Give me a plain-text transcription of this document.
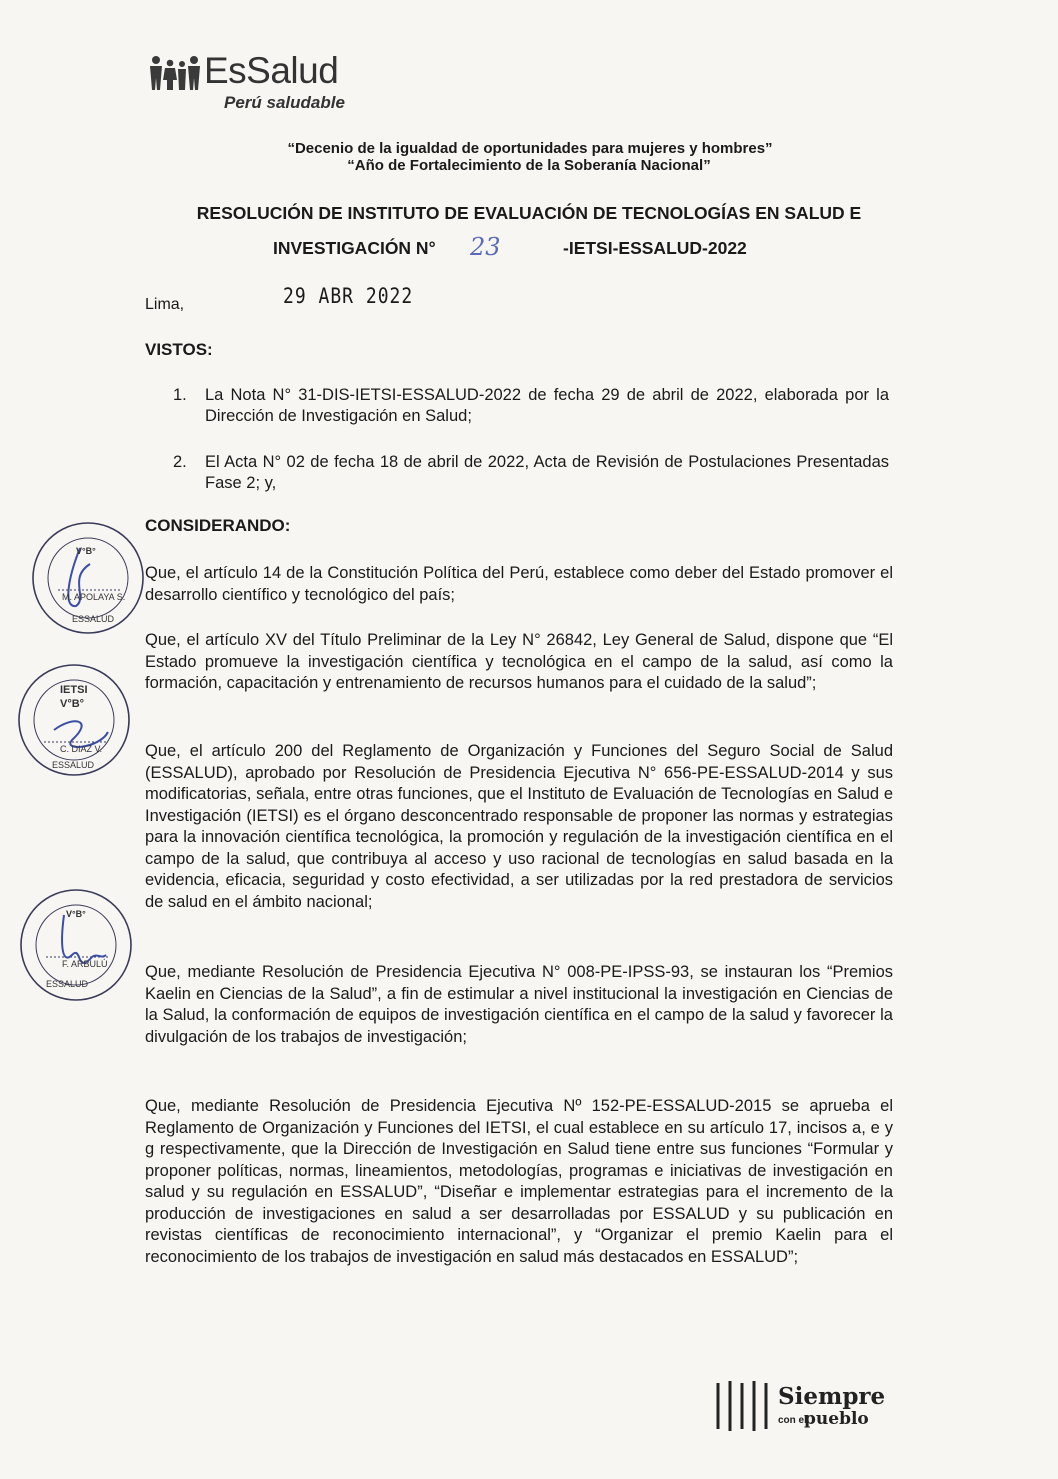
EsSalud
Perú saludable
“Decenio de la igualdad de oportunidades para mujeres y hombres”
“Año de Fortalecimiento de la Soberanía Nacional”
RESOLUCIÓN DE INSTITUTO DE EVALUACIÓN DE TECNOLOGÍAS EN SALUD E
INVESTIGACIÓN N° 23	-IETSI-ESSALUD-2022
Lima,	29 ABR 2022
VISTOS:
1. La Nota N° 31-DIS-IETSI-ESSALUD-2022 de fecha 29 de abril de 2022, elaborada por la Dirección de Investigación en Salud;
2. El Acta N° 02 de fecha 18 de abril de 2022, Acta de Revisión de Postulaciones Presentadas Fase 2; y,
CONSIDERANDO:
Que, el artículo 14 de la Constitución Política del Perú, establece como deber del Estado promover el desarrollo científico y tecnológico del país;
Que, el artículo XV del Título Preliminar de la Ley N° 26842, Ley General de Salud, dispone que “El Estado promueve la investigación científica y tecnológica en el campo de la salud, así como la formación, capacitación y entrenamiento de recursos humanos para el cuidado de la salud”;
Que, el artículo 200 del Reglamento de Organización y Funciones del Seguro Social de Salud (ESSALUD), aprobado por Resolución de Presidencia Ejecutiva N° 656-PE-ESSALUD-2014 y sus modificatorias, señala, entre otras funciones, que el Instituto de Evaluación de Tecnologías en Salud e Investigación (IETSI) es el órgano desconcentrado responsable de proponer las normas y estrategias para la innovación científica tecnológica, la promoción y regulación de la investigación científica en el campo de la salud, que contribuya al acceso y uso racional de tecnologías en salud basada en la evidencia, eficacia, seguridad y costo efectividad, a ser utilizadas por la red prestadora de servicios de salud en el ámbito nacional;
Que, mediante Resolución de Presidencia Ejecutiva N° 008-PE-IPSS-93, se instauran los “Premios Kaelin en Ciencias de la Salud”, a fin de estimular a nivel institucional la investigación en Ciencias de la Salud, la conformación de equipos de investigación científica en el campo de la salud y favorecer la divulgación de los trabajos de investigación;
Que, mediante Resolución de Presidencia Ejecutiva Nº 152-PE-ESSALUD-2015 se aprueba el Reglamento de Organización y Funciones del IETSI, el cual establece en su artículo 17, incisos a, e y g respectivamente, que la Dirección de Investigación en Salud tiene entre sus funciones “Formular y proponer políticas, normas, lineamientos, metodologías, programas e iniciativas de investigación en salud y su regulación en ESSALUD”, “Diseñar e implementar estrategias para el incremento de la producción de investigaciones en salud a ser desarrolladas por ESSALUD y su publicación en revistas científicas de reconocimiento internacional”, y “Organizar el premio Kaelin para el reconocimiento de los trabajos de investigación en salud más destacados en ESSALUD”;
V°B°
M. APOLAYA S.
ESSALUD
IETSI
V°B°
C. DIAZ V.
ESSALUD
V°B°
F. ARBULÚ
ESSALUD
Siempre
con el
pueblo
